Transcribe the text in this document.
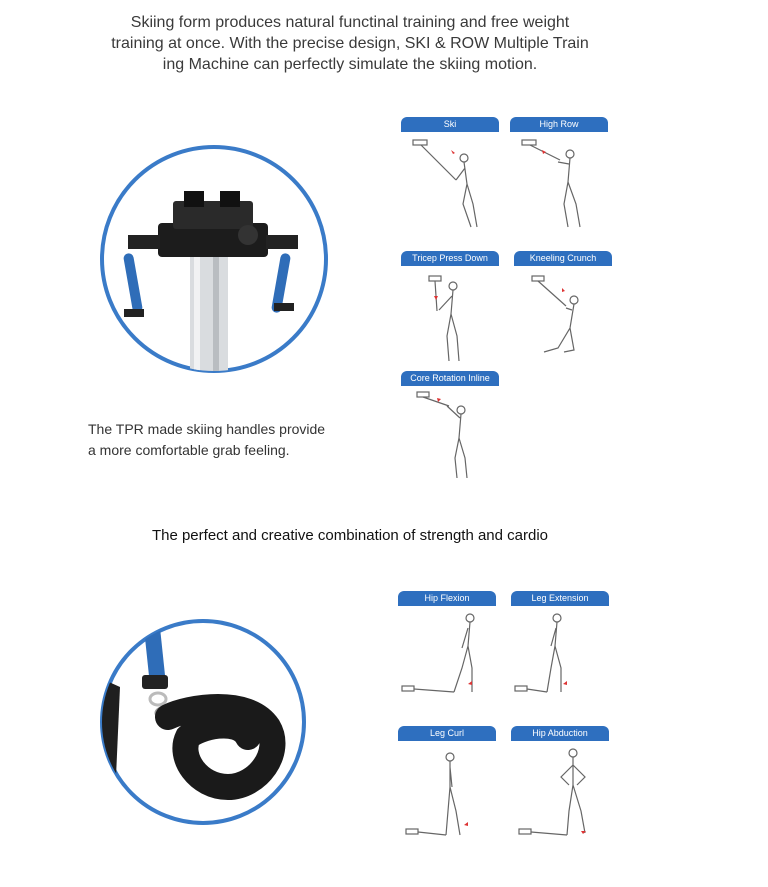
Skiing form produces natural functinal training and free weight
training at once. With the precise design, SKI & ROW Multiple Train
ing Machine can perfectly simulate the skiing motion.
The TPR made skiing handles provide
a more comfortable grab feeling.
Ski	High Row
Tricep Press Down	Kneeling Crunch
Core Rotation Inline
The perfect and creative combination of strength and cardio
Hip Flexion	Leg Extension
Leg Curl	Hip Abduction
